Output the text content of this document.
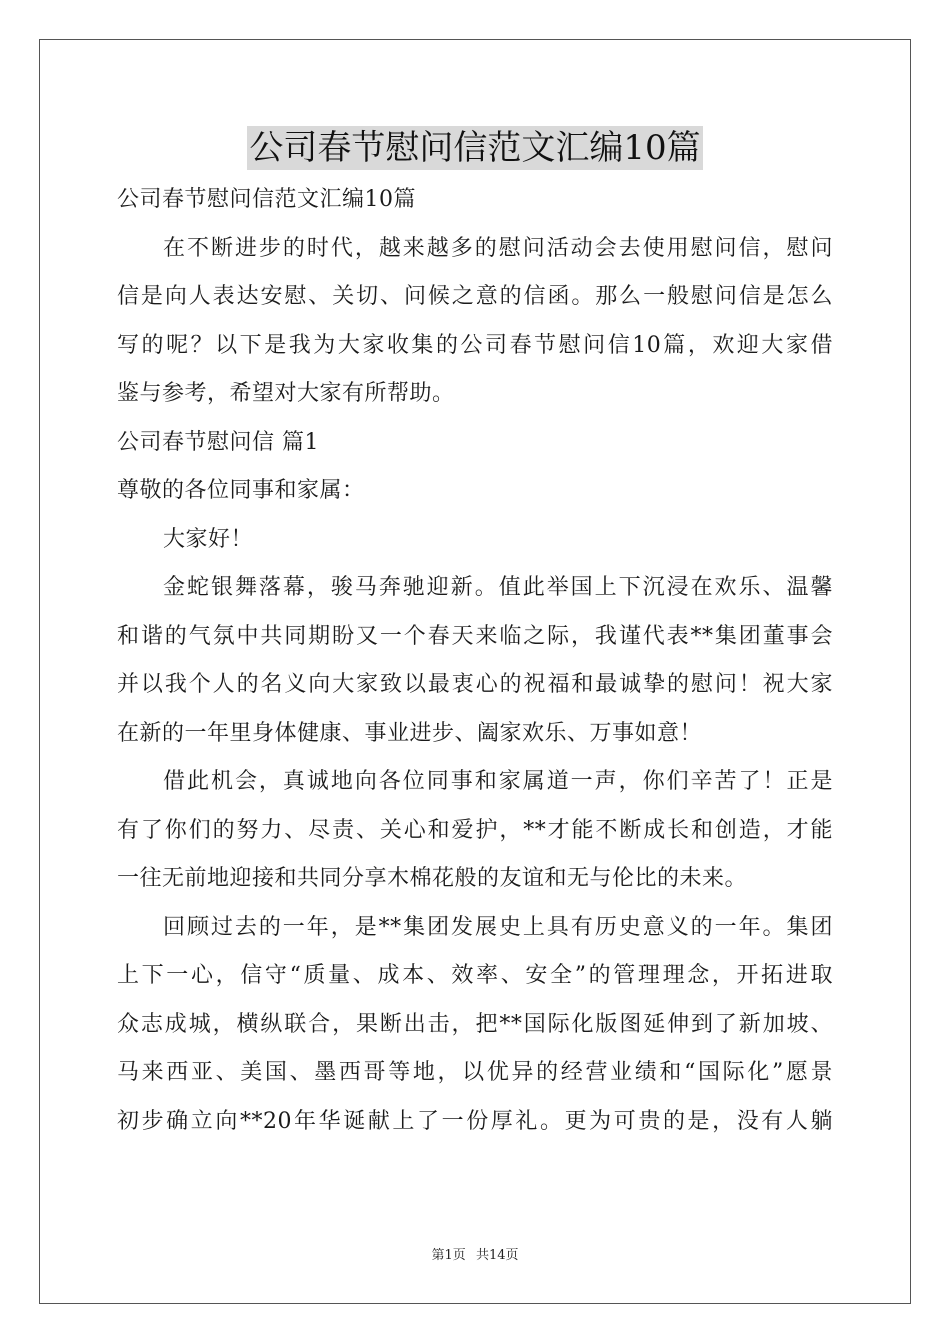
公司春节慰问信范文汇编10篇
公司春节慰问信范文汇编10篇
在不断进步的时代，越来越多的慰问活动会去使用慰问信，慰问
信是向人表达安慰、关切、问候之意的信函。那么一般慰问信是怎么
写的呢？以下是我为大家收集的公司春节慰问信10篇，欢迎大家借
鉴与参考，希望对大家有所帮助。
公司春节慰问信 篇1
尊敬的各位同事和家属：
大家好！
金蛇银舞落幕，骏马奔驰迎新。值此举国上下沉浸在欢乐、温馨
和谐的气氛中共同期盼又一个春天来临之际，我谨代表**集团董事会
并以我个人的名义向大家致以最衷心的祝福和最诚挚的慰问！祝大家
在新的一年里身体健康、事业进步、阖家欢乐、万事如意！
借此机会，真诚地向各位同事和家属道一声，你们辛苦了！正是
有了你们的努力、尽责、关心和爱护，**才能不断成长和创造，才能
一往无前地迎接和共同分享木棉花般的友谊和无与伦比的未来。
回顾过去的一年，是**集团发展史上具有历史意义的一年。集团
上下一心，信守“质量、成本、效率、安全”的管理理念，开拓进取
众志成城，横纵联合，果断出击，把**国际化版图延伸到了新加坡、
马来西亚、美国、墨西哥等地，以优异的经营业绩和“国际化”愿景
初步确立向**20年华诞献上了一份厚礼。更为可贵的是，没有人躺
第1页 共14页
